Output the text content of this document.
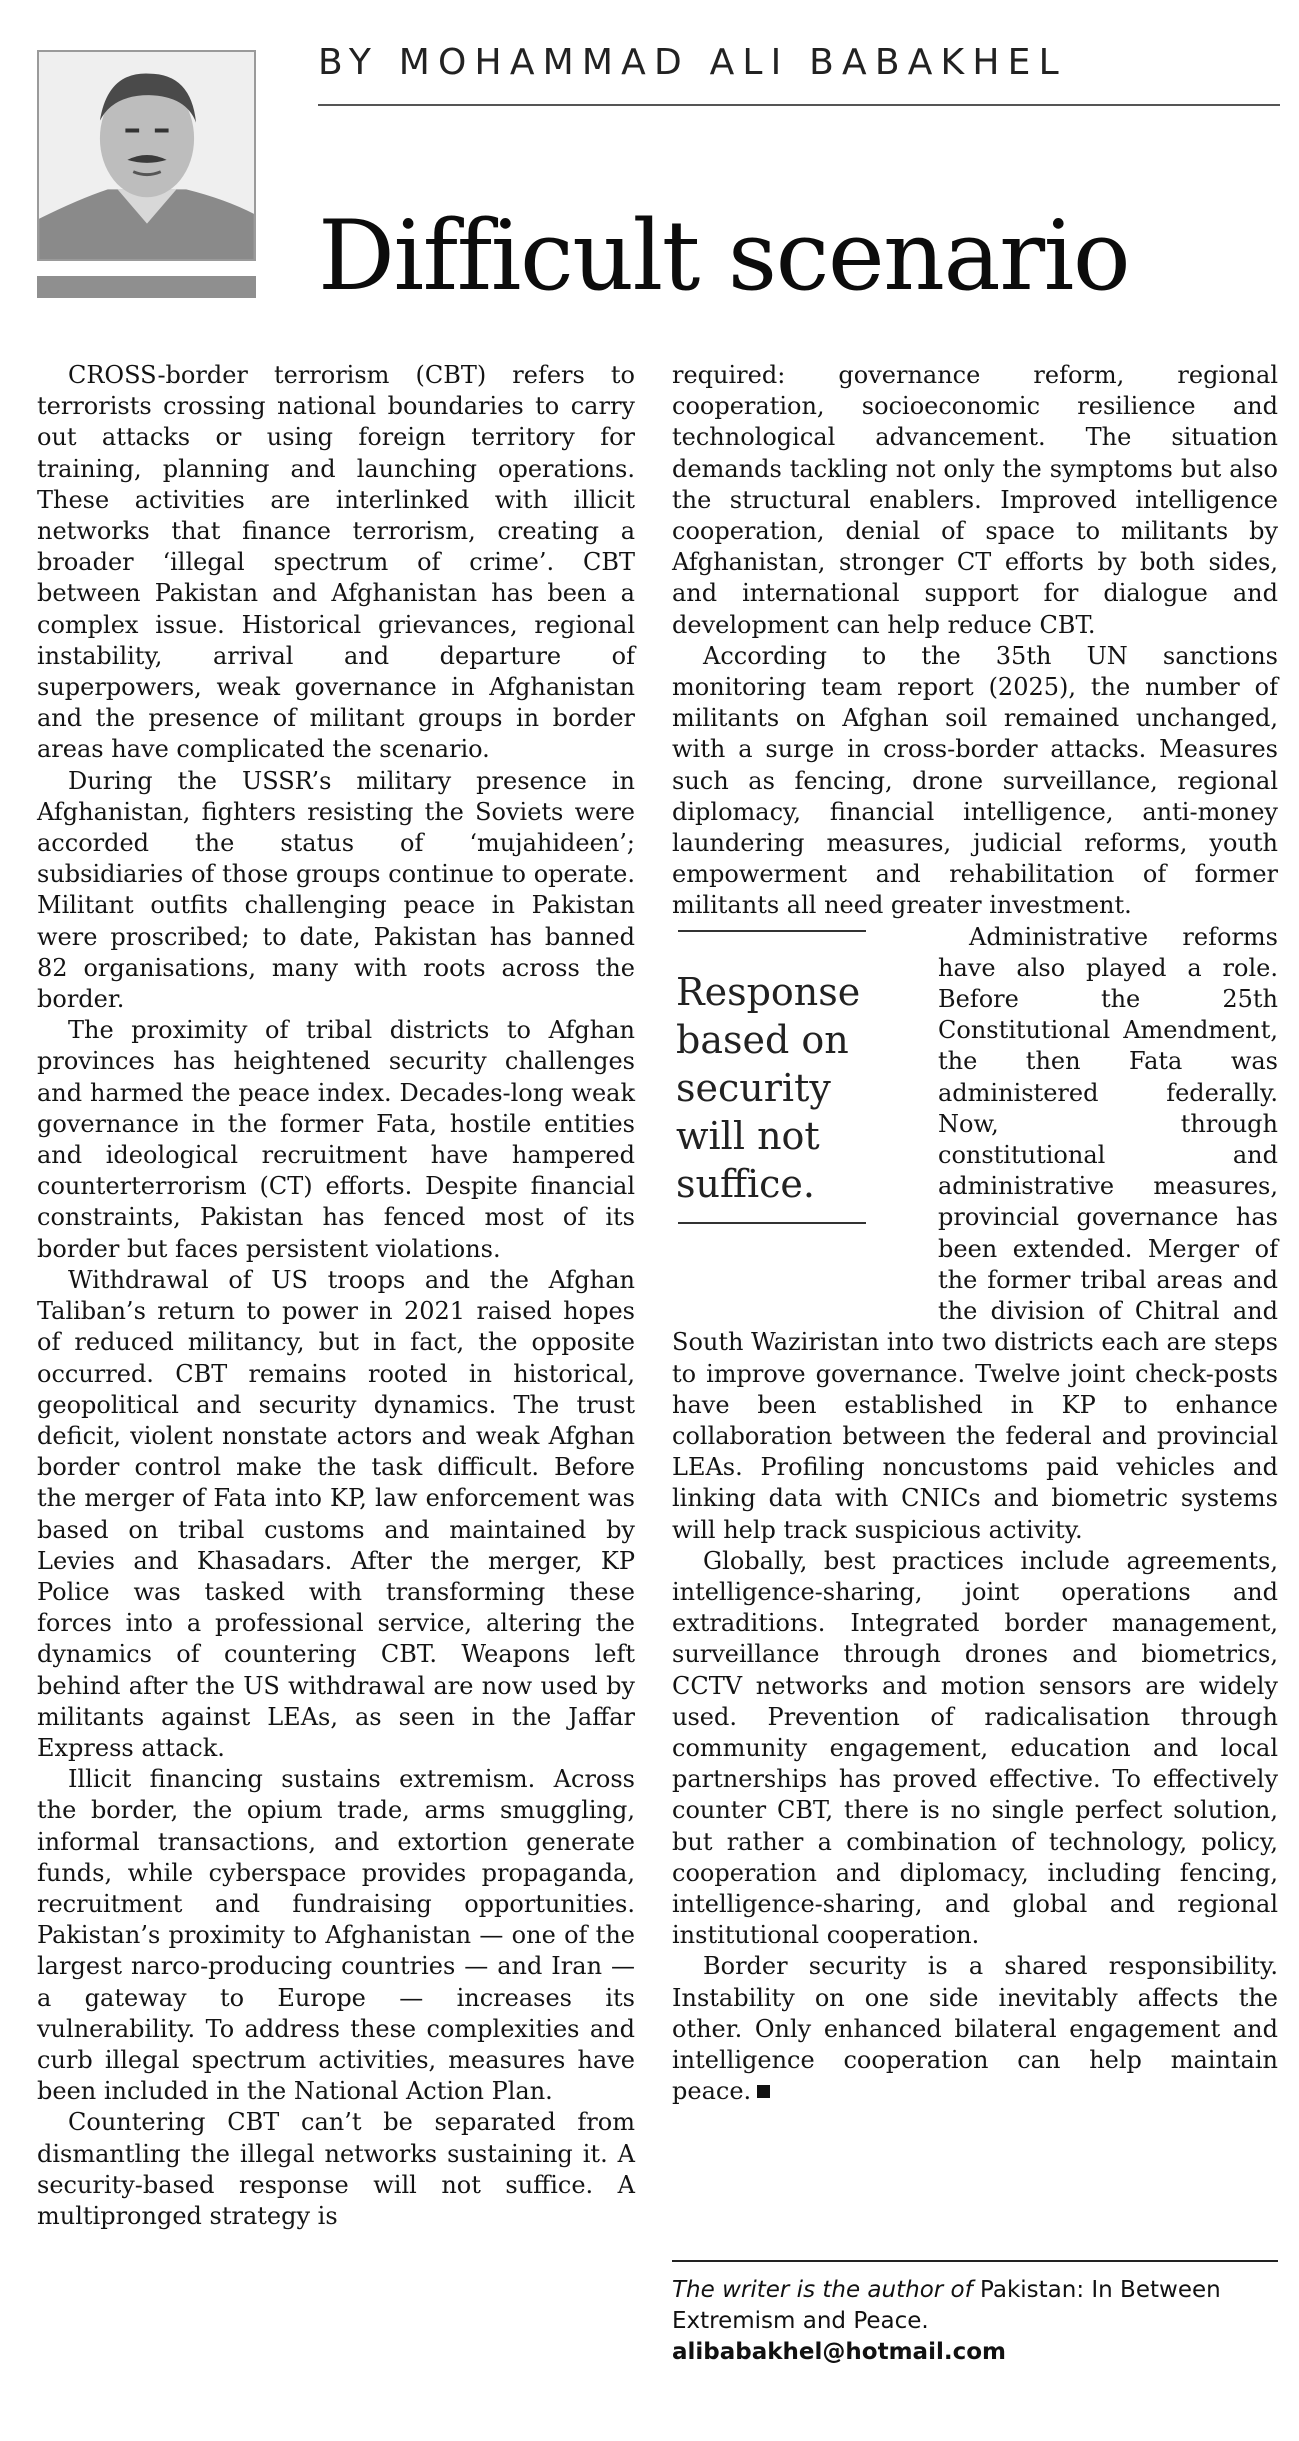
BY MOHAMMAD ALI BABAKHEL
Difficult scenario

CROSS-border terrorism (CBT) refers to terrorists crossing national boundaries to carry out attacks or using foreign territory for training, planning and launching operations. These activities are interlinked with illicit networks that finance terrorism, creating a broader ‘illegal spectrum of crime’. CBT between Pakistan and Afghanistan has been a complex issue. Historical grievances, regional instability, arrival and departure of superpowers, weak governance in Afghanistan and the presence of militant groups in border areas have complicated the scenario.

During the USSR’s military presence in Afghanistan, fighters resisting the Soviets were accorded the status of ‘mujahideen’; subsidiaries of those groups continue to operate. Militant outfits challenging peace in Pakistan were proscribed; to date, Pakistan has banned 82 organisations, many with roots across the border.

The proximity of tribal districts to Afghan provinces has heightened security challenges and harmed the peace index. Decades-long weak governance in the former Fata, hostile entities and ideological recruitment have hampered counterterrorism (CT) efforts. Despite financial constraints, Pakistan has fenced most of its border but faces persistent violations.

Withdrawal of US troops and the Afghan Taliban’s return to power in 2021 raised hopes of reduced militancy, but in fact, the opposite occurred. CBT remains rooted in historical, geopolitical and security dynamics. The trust deficit, violent nonstate actors and weak Afghan border control make the task difficult. Before the merger of Fata into KP, law enforcement was based on tribal customs and maintained by Levies and Khasadars. After the merger, KP Police was tasked with transforming these forces into a professional service, altering the dynamics of countering CBT. Weapons left behind after the US withdrawal are now used by militants against LEAs, as seen in the Jaffar Express attack.

Illicit financing sustains extremism. Across the border, the opium trade, arms smuggling, informal transactions, and extortion generate funds, while cyberspace provides propaganda, recruitment and fundraising opportunities. Pakistan’s proximity to Afghanistan — one of the largest narco-producing countries — and Iran — a gateway to Europe — increases its vulnerability. To address these complexities and curb illegal spectrum activities, measures have been included in the National Action Plan.

Countering CBT can’t be separated from dismantling the illegal networks sustaining it. A security-based response will not suffice. A multipronged strategy is

required: governance reform, regional cooperation, socioeconomic resilience and technological advancement. The situation demands tackling not only the symptoms but also the structural enablers. Improved intelligence cooperation, denial of space to militants by Afghanistan, stronger CT efforts by both sides, and international support for dialogue and development can help reduce CBT.

According to the 35th UN sanctions monitoring team report (2025), the number of militants on Afghan soil remained unchanged, with a surge in cross-border attacks. Measures such as fencing, drone surveillance, regional diplomacy, financial intelligence, anti-money laundering measures, judicial reforms, youth empowerment and rehabilitation of former militants all need greater investment.

Response based on security will not suffice.

Administrative reforms have also played a role. Before the 25th Constitutional Amendment, the then Fata was administered federally. Now, through constitutional and administrative measures, provincial governance has been extended. Merger of the former tribal areas and the division of Chitral and South Waziristan into two districts each are steps to improve governance. Twelve joint check-posts have been established in KP to enhance collaboration between the federal and provincial LEAs. Profiling noncustoms paid vehicles and linking data with CNICs and biometric systems will help track suspicious activity.

Globally, best practices include agreements, intelligence-sharing, joint operations and extraditions. Integrated border management, surveillance through drones and biometrics, CCTV networks and motion sensors are widely used. Prevention of radicalisation through community engagement, education and local partnerships has proved effective. To effectively counter CBT, there is no single perfect solution, but rather a combination of technology, policy, cooperation and diplomacy, including fencing, intelligence-sharing, and global and regional institutional cooperation.

Border security is a shared responsibility. Instability on one side inevitably affects the other. Only enhanced bilateral engagement and intelligence cooperation can help maintain peace.

The writer is the author of Pakistan: In Between Extremism and Peace.
alibabakhel@hotmail.com
